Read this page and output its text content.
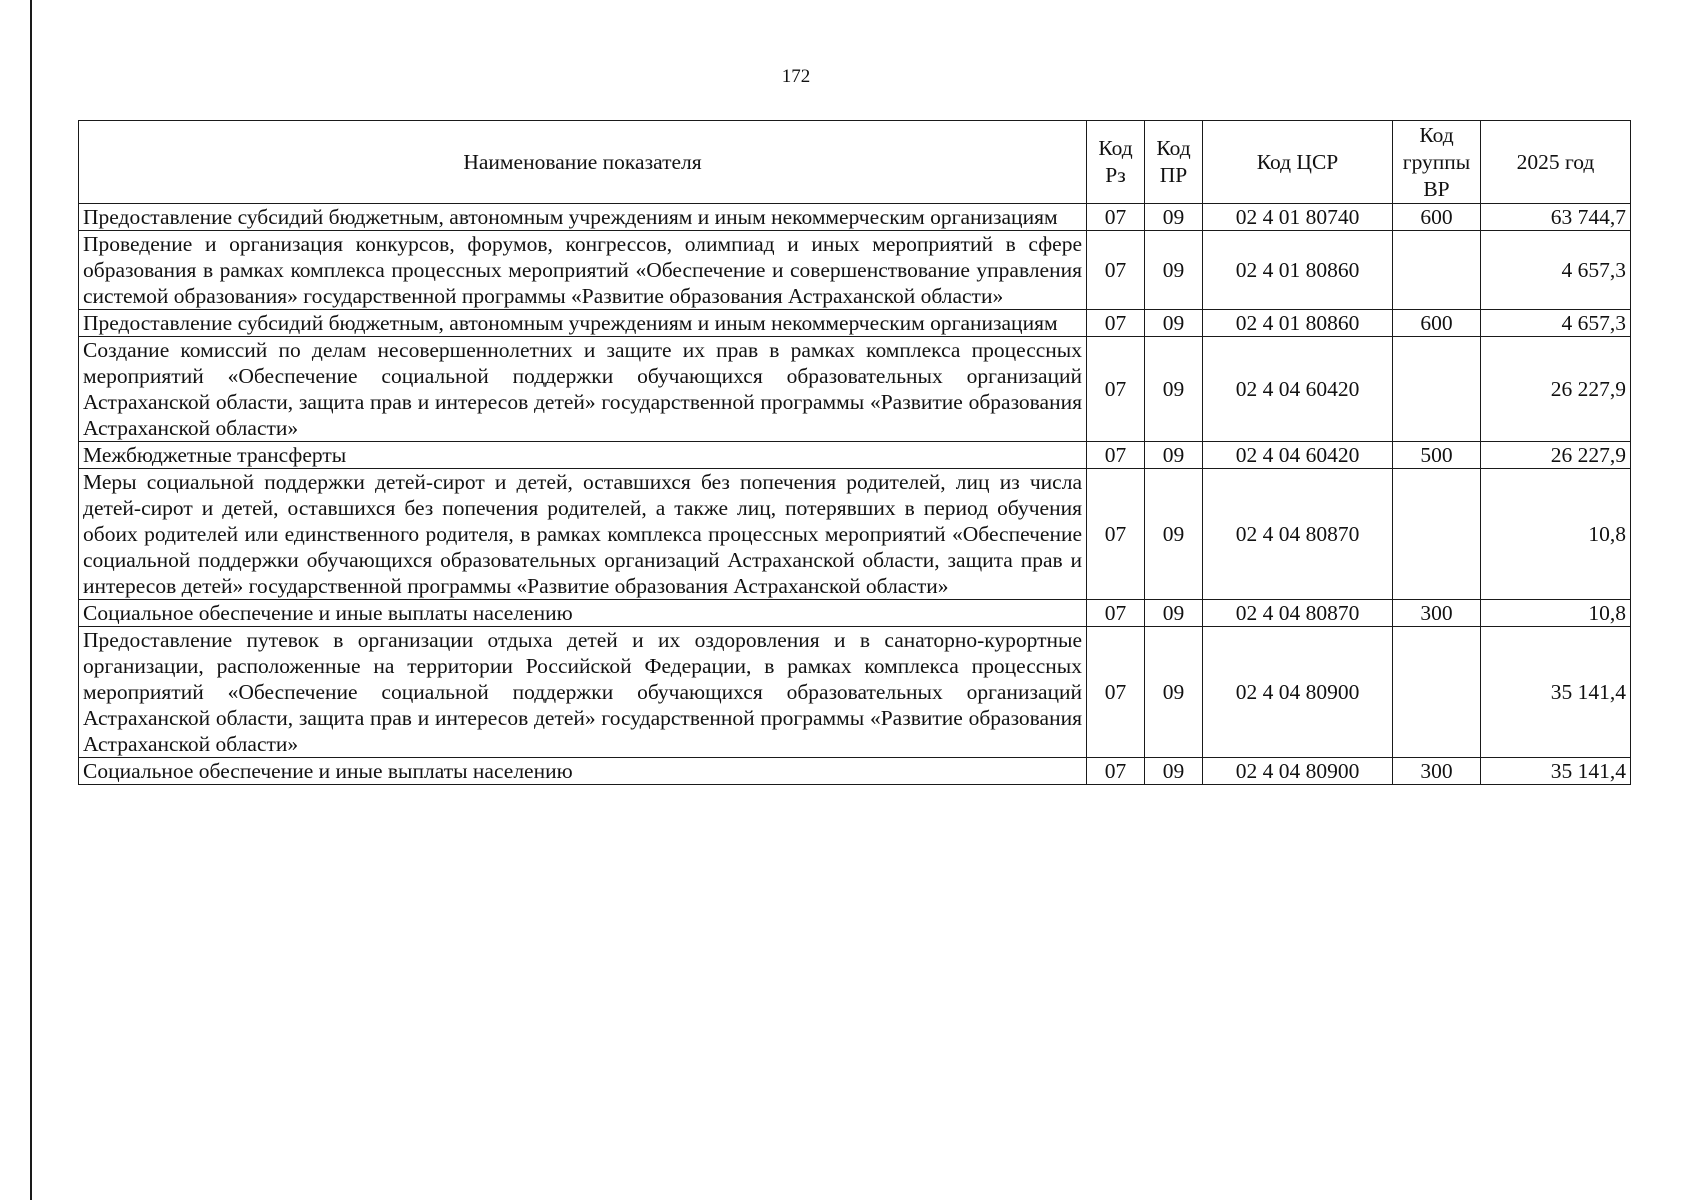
172
Наименование показателя	Код Рз	Код ПР	Код ЦСР	Код группы ВР	2025 год
Предоставление субсидий бюджетным, автономным учреждениям и иным некоммерческим организациям	07	09	02 4 01 80740	600	63 744,7
Проведение и организация конкурсов, форумов, конгрессов, олимпиад и иных мероприятий в сфере образования в рамках комплекса процессных мероприятий «Обеспечение и совершенствование управления системой образования» государственной программы «Развитие образования Астраханской области»	07	09	02 4 01 80860		4 657,3
Предоставление субсидий бюджетным, автономным учреждениям и иным некоммерческим организациям	07	09	02 4 01 80860	600	4 657,3
Создание комиссий по делам несовершеннолетних и защите их прав в рамках комплекса процессных мероприятий «Обеспечение социальной поддержки обучающихся образовательных организаций Астраханской области, защита прав и интересов детей» государственной программы «Развитие образования Астраханской области»	07	09	02 4 04 60420		26 227,9
Межбюджетные трансферты	07	09	02 4 04 60420	500	26 227,9
Меры социальной поддержки детей-сирот и детей, оставшихся без попечения родителей, лиц из числа детей-сирот и детей, оставшихся без попечения родителей, а также лиц, потерявших в период обучения обоих родителей или единственного родителя, в рамках комплекса процессных мероприятий «Обеспечение социальной поддержки обучающихся образовательных организаций Астраханской области, защита прав и интересов детей» государственной программы «Развитие образования Астраханской области»	07	09	02 4 04 80870		10,8
Социальное обеспечение и иные выплаты населению	07	09	02 4 04 80870	300	10,8
Предоставление путевок в организации отдыха детей и их оздоровления и в санаторно-курортные организации, расположенные на территории Российской Федерации, в рамках комплекса процессных мероприятий «Обеспечение социальной поддержки обучающихся образовательных организаций Астраханской области, защита прав и интересов детей» государственной программы «Развитие образования Астраханской области»	07	09	02 4 04 80900		35 141,4
Социальное обеспечение и иные выплаты населению	07	09	02 4 04 80900	300	35 141,4
